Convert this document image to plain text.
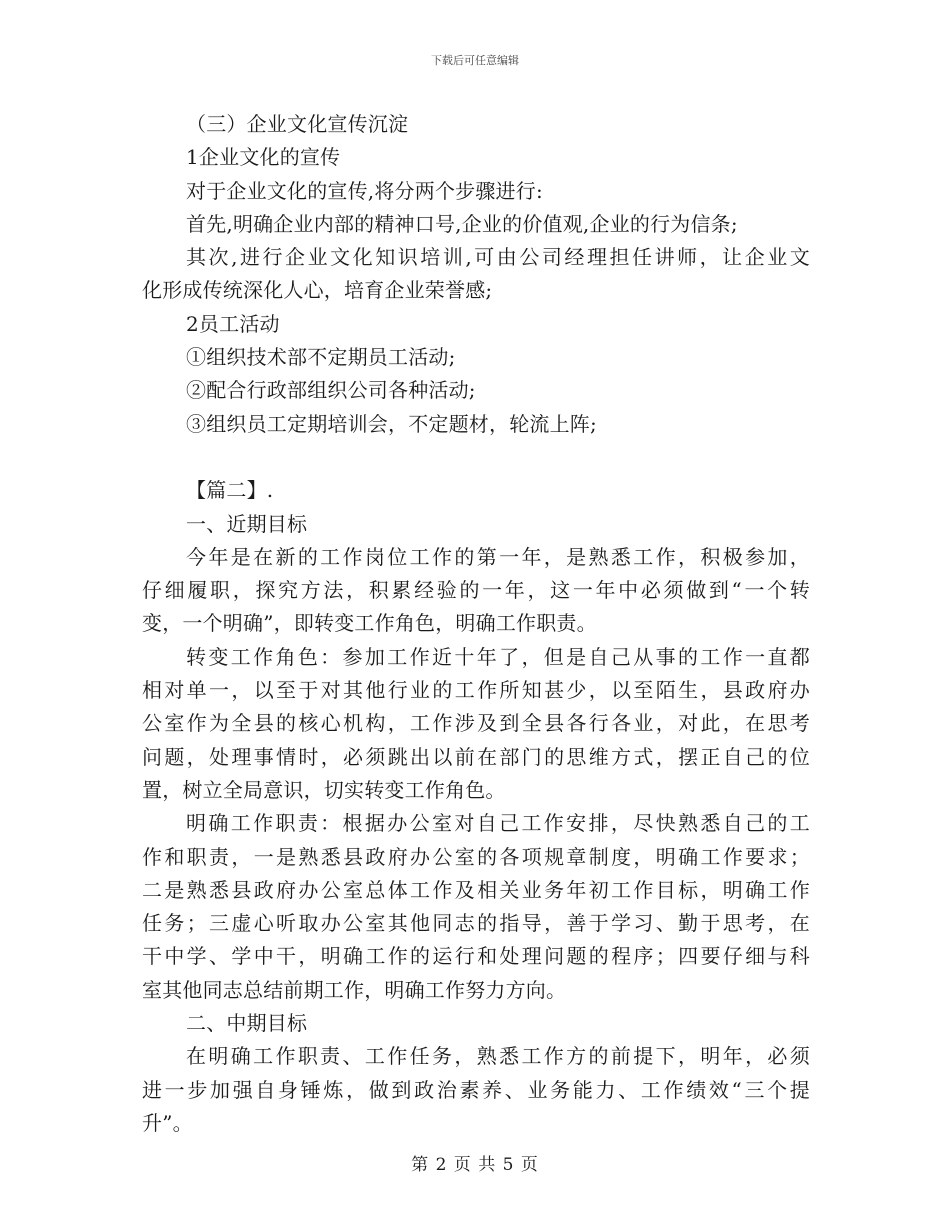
下载后可任意编辑
（三）企业文化宣传沉淀
1企业文化的宣传
对于企业文化的宣传,将分两个步骤进行:
首先,明确企业内部的精神口号,企业的价值观,企业的行为信条;
其次,进行企业文化知识培训,可由公司经理担任讲师，让企业文
化形成传统深化人心，培育企业荣誉感;
2员工活动
①组织技术部不定期员工活动;
②配合行政部组织公司各种活动;
③组织员工定期培训会，不定题材，轮流上阵;
【篇二】.
一、近期目标
今年是在新的工作岗位工作的第一年，是熟悉工作，积极参加，
仔细履职，探究方法，积累经验的一年，这一年中必须做到“一个转
变，一个明确”，即转变工作角色，明确工作职责。
转变工作角色：参加工作近十年了，但是自己从事的工作一直都
相对单一，以至于对其他行业的工作所知甚少，以至陌生，县政府办
公室作为全县的核心机构，工作涉及到全县各行各业，对此，在思考
问题，处理事情时，必须跳出以前在部门的思维方式，摆正自己的位
置，树立全局意识，切实转变工作角色。
明确工作职责：根据办公室对自己工作安排，尽快熟悉自己的工
作和职责，一是熟悉县政府办公室的各项规章制度，明确工作要求；
二是熟悉县政府办公室总体工作及相关业务年初工作目标，明确工作
任务；三虚心听取办公室其他同志的指导，善于学习、勤于思考，在
干中学、学中干，明确工作的运行和处理问题的程序；四要仔细与科
室其他同志总结前期工作，明确工作努力方向。
二、中期目标
在明确工作职责、工作任务，熟悉工作方的前提下，明年，必须
进一步加强自身锤炼，做到政治素养、业务能力、工作绩效“三个提
升”。
第 2 页 共 5 页
